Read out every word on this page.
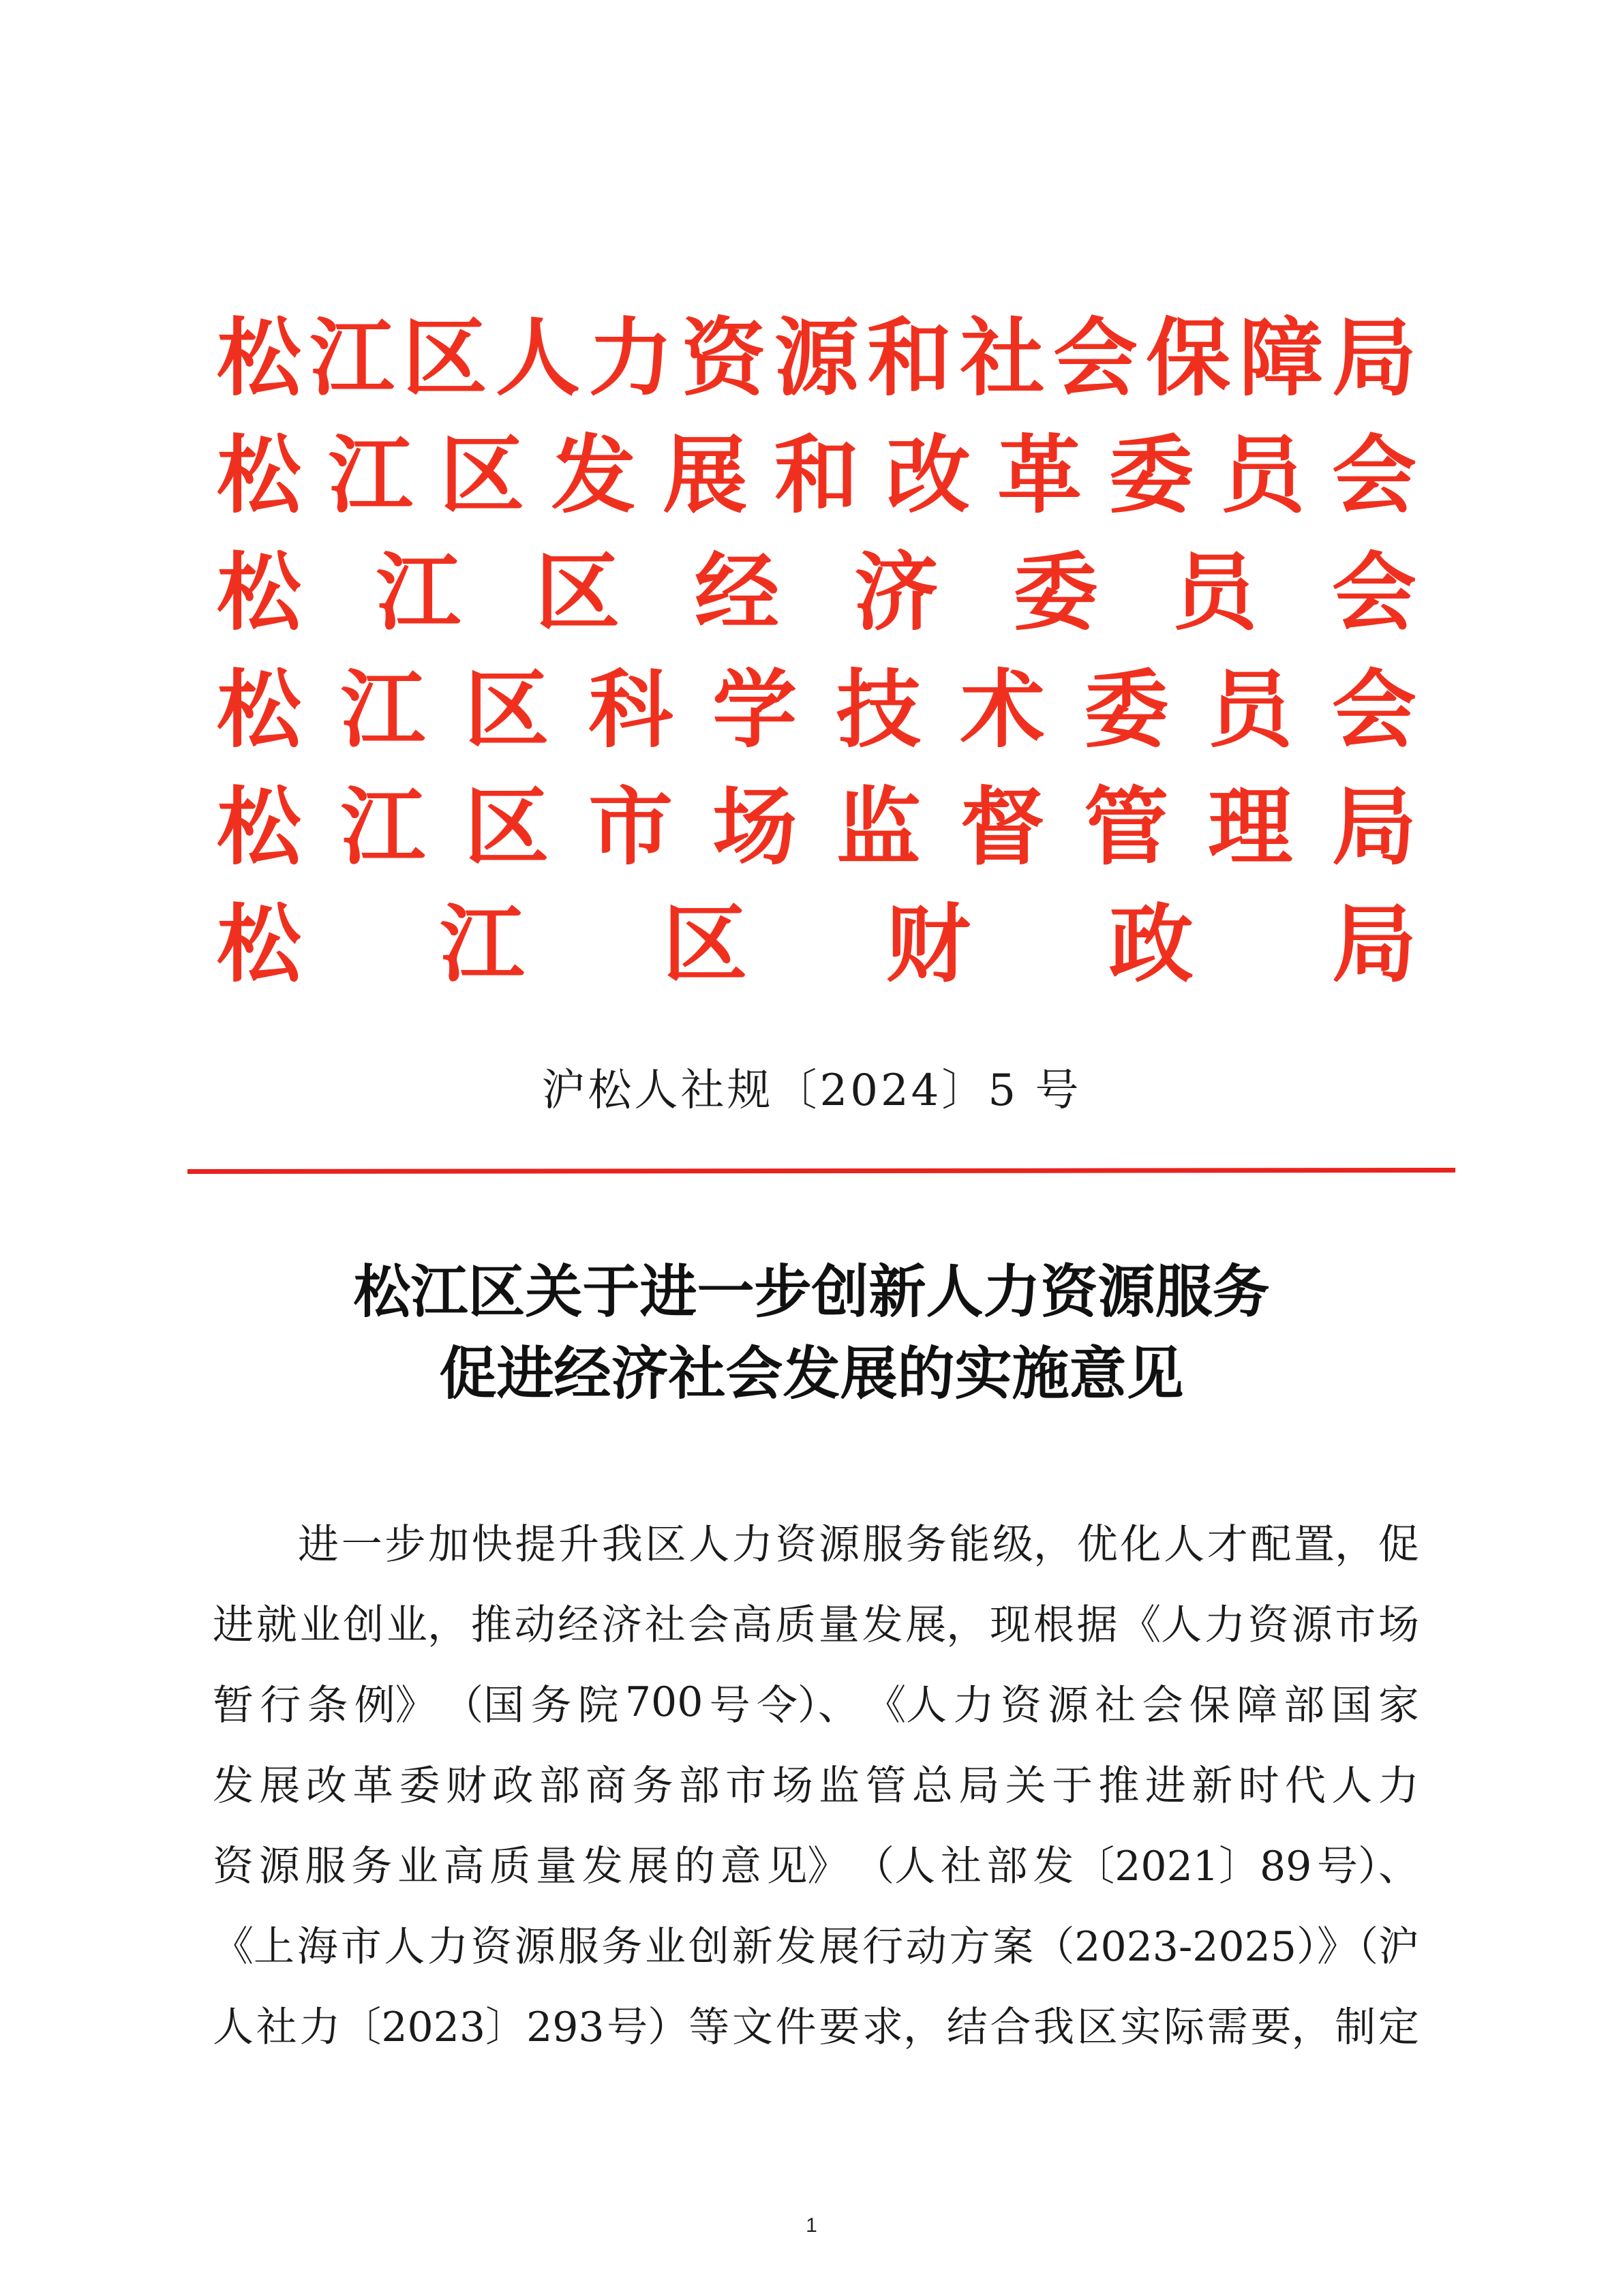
松 江 区 人 力 资 源 和 社 会 保 障 局
松 江 区 发 展 和 改 革 委 员 会
松 江 区 经 济 委 员 会
松 江 区 科 学 技 术 委 员 会
松 江 区 市 场 监 督 管 理 局
松 江 区 财 政 局
沪松人社规〔2024〕5 号
松江区关于进一步创新人力资源服务
促进经济社会发展的实施意见
进 一 步 加 快 提 升 我 区 人 力 资 源 服 务 能 级， 优 化 人 才 配 置， 促
进 就 业 创 业， 推 动 经 济 社 会 高 质 量 发 展， 现 根 据 《人 力 资 源 市 场
暂 行 条 例》 （国 务 院 700 号 令）、 《人 力 资 源 社 会 保 障 部 国 家
发 展 改 革 委 财 政 部 商 务 部 市 场 监 管 总 局 关 于 推 进 新 时 代 人 力
资 源 服 务 业 高 质 量 发 展 的 意 见》 （人 社 部 发〔2021〕89 号）、
《上 海 市 人 力 资 源 服 务 业 创 新 发 展 行 动 方 案（2023-2025）》（沪
人 社 力〔2023〕293 号）等 文 件 要 求， 结 合 我 区 实 际 需 要， 制 定
1
